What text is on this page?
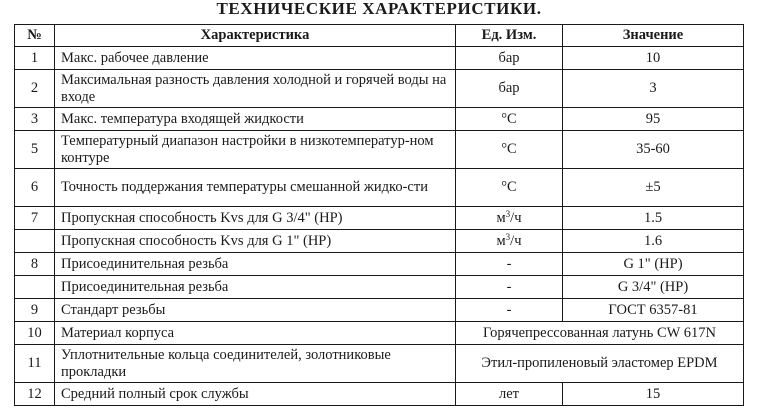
ТЕХНИЧЕСКИЕ ХАРАКТЕРИСТИКИ.
№	Характеристика	Ед. Изм.	Значение
1	Макс. рабочее давление	бар	10
2	Максимальная разность давления холодной и горячей воды на входе	бар	3
3	Макс. температура входящей жидкости	°С	95
5	Температурный диапазон настройки в низкотемператур-ном контуре	°С	35-60
6	Точность поддержания температуры смешанной жидко-сти	°С	±5
7	Пропускная способность Kvs для G 3/4" (НР)	$м^3/ч$	1.5
	Пропускная способность Kvs для G 1" (НР)	$м^3/ч$	1.6
8	Присоединительная резьба	-	G 1" (НР)
	Присоединительная резьба	-	G 3/4" (НР)
9	Стандарт резьбы	-	ГОСТ 6357-81
10	Материал корпуса	Горячепрессованная латунь CW 617N	
11	Уплотнительные кольца соединителей, золотниковые прокладки	Этил-пропиленовый эластомер EPDM	
12	Средний полный срок службы	лет	15
